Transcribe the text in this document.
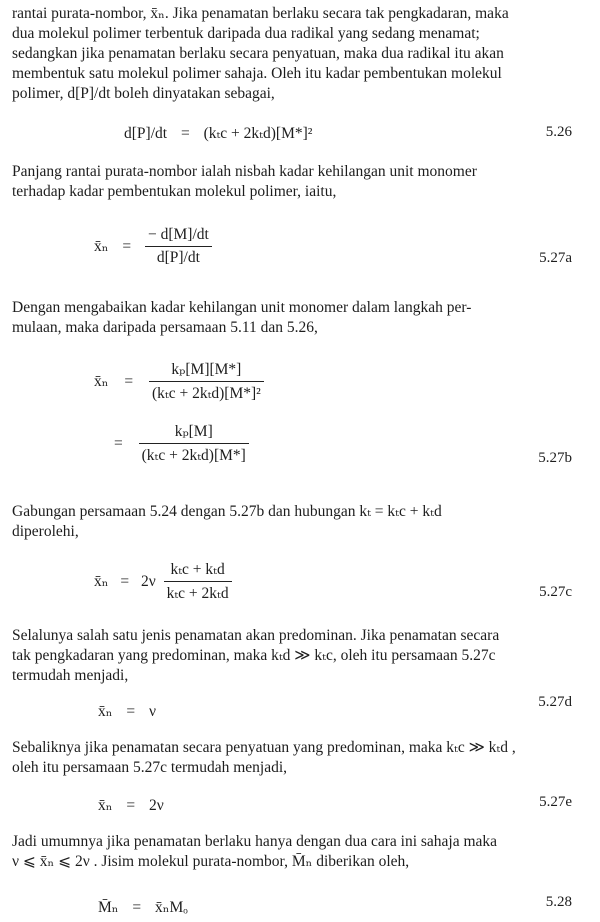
rantai purata-nombor, x̄ₙ. Jika penamatan berlaku secara tak pengkadaran, maka
dua molekul polimer terbentuk daripada dua radikal yang sedang menamat;
sedangkan jika penamatan berlaku secara penyatuan, maka dua radikal itu akan
membentuk satu molekul polimer sahaja. Oleh itu kadar pembentukan molekul
polimer, d[P]/dt boleh dinyatakan sebagai,
d[P]/dt = (kₜc + 2kₜd)[M*]²	5.26
Panjang rantai purata-nombor ialah nisbah kadar kehilangan unit monomer
terhadap kadar pembentukan molekul polimer, iaitu,
x̄ₙ = $\frac{- d[M]/dt}{d[P]/dt}$	5.27a
Dengan mengabaikan kadar kehilangan unit monomer dalam langkah per-
mulaan, maka daripada persamaan 5.11 dan 5.26,
x̄ₙ = $\frac{\text{kₚ[M][M*]}}{\text{(kₜc + 2kₜd)[M*]²}}$
= $\frac{\text{kₚ[M]}}{\text{(kₜc + 2kₜd)[M*]}}$	5.27b
Gabungan persamaan 5.24 dengan 5.27b dan hubungan kₜ = kₜc + kₜd
diperolehi,
x̄ₙ = $2\nu \frac{\text{kₜc + kₜd}}{\text{kₜc + 2kₜd}}$	5.27c
Selalunya salah satu jenis penamatan akan predominan. Jika penamatan secara
tak pengkadaran yang predominan, maka kₜd ≫ kₜc, oleh itu persamaan 5.27c
termudah menjadi,
x̄ₙ = ν
5.27d
Sebaliknya jika penamatan secara penyatuan yang predominan, maka kₜc ≫ kₜd ,
oleh itu persamaan 5.27c termudah menjadi,
x̄ₙ = 2ν	5.27e
Jadi umumnya jika penamatan berlaku hanya dengan dua cara ini sahaja maka
ν ⩽ x̄ₙ ⩽ 2ν . Jisim molekul purata-nombor, M̄ₙ diberikan oleh,
M̄ₙ = x̄ₙMₒ	5.28
